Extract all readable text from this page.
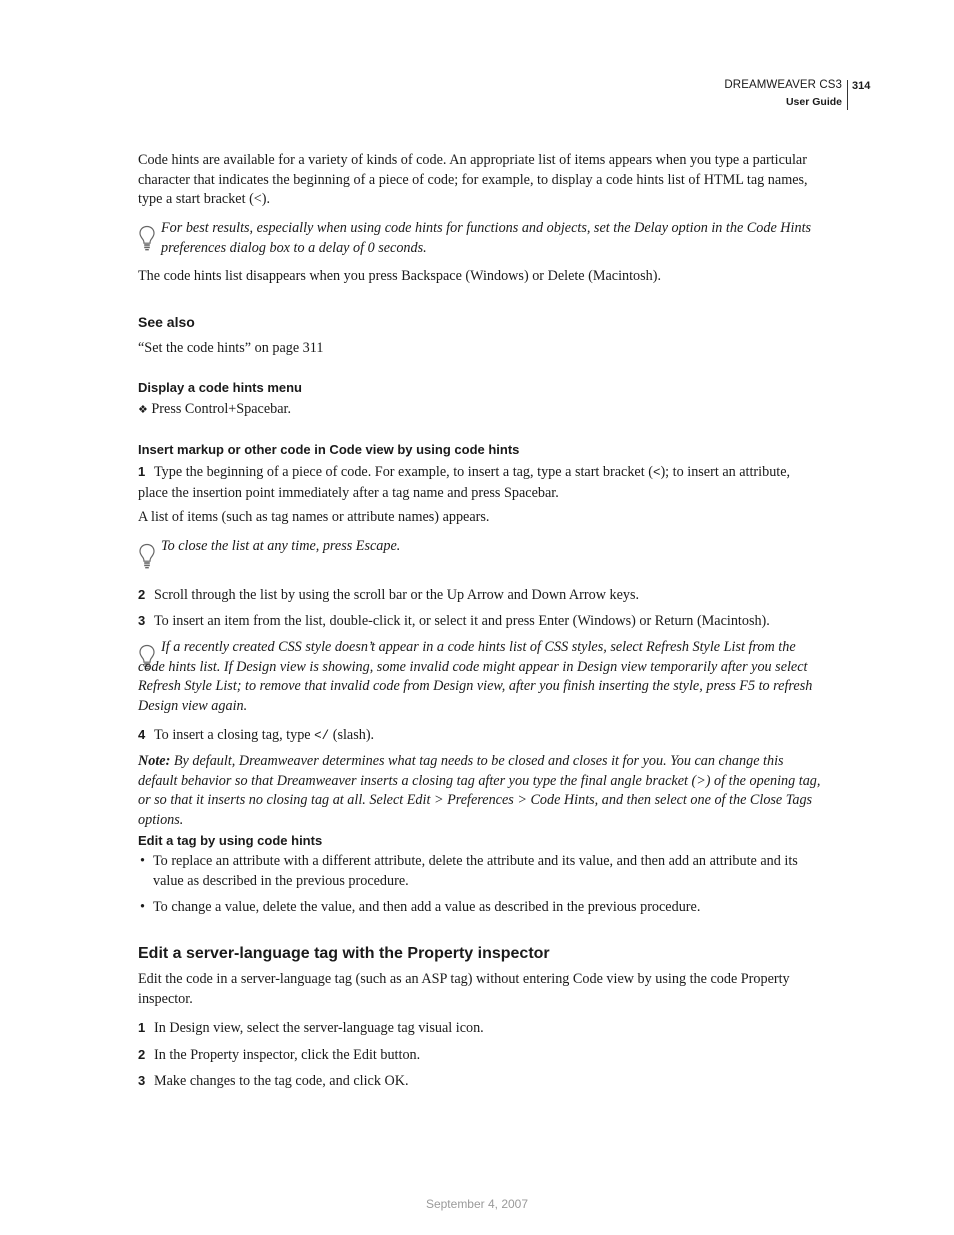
DREAMWEAVER CS3
User Guide
314
Code hints are available for a variety of kinds of code. An appropriate list of items appears when you type a particular character that indicates the beginning of a piece of code; for example, to display a code hints list of HTML tag names, type a start bracket (<).
For best results, especially when using code hints for functions and objects, set the Delay option in the Code Hints preferences dialog box to a delay of 0 seconds.
The code hints list disappears when you press Backspace (Windows) or Delete (Macintosh).
See also
“Set the code hints” on page 311
Display a code hints menu
❖ Press Control+Spacebar.
Insert markup or other code in Code view by using code hints
1 Type the beginning of a piece of code. For example, to insert a tag, type a start bracket (<); to insert an attribute, place the insertion point immediately after a tag name and press Spacebar.
A list of items (such as tag names or attribute names) appears.
To close the list at any time, press Escape.
2 Scroll through the list by using the scroll bar or the Up Arrow and Down Arrow keys.
3 To insert an item from the list, double-click it, or select it and press Enter (Windows) or Return (Macintosh).
If a recently created CSS style doesn’t appear in a code hints list of CSS styles, select Refresh Style List from the code hints list. If Design view is showing, some invalid code might appear in Design view temporarily after you select Refresh Style List; to remove that invalid code from Design view, after you finish inserting the style, press F5 to refresh Design view again.
4 To insert a closing tag, type </ (slash).
Note: By default, Dreamweaver determines what tag needs to be closed and closes it for you. You can change this default behavior so that Dreamweaver inserts a closing tag after you type the final angle bracket (>) of the opening tag, or so that it inserts no closing tag at all. Select Edit > Preferences > Code Hints, and then select one of the Close Tags options.
Edit a tag by using code hints
• To replace an attribute with a different attribute, delete the attribute and its value, and then add an attribute and its value as described in the previous procedure.
• To change a value, delete the value, and then add a value as described in the previous procedure.
Edit a server-language tag with the Property inspector
Edit the code in a server-language tag (such as an ASP tag) without entering Code view by using the code Property inspector.
1 In Design view, select the server-language tag visual icon.
2 In the Property inspector, click the Edit button.
3 Make changes to the tag code, and click OK.
September 4, 2007
